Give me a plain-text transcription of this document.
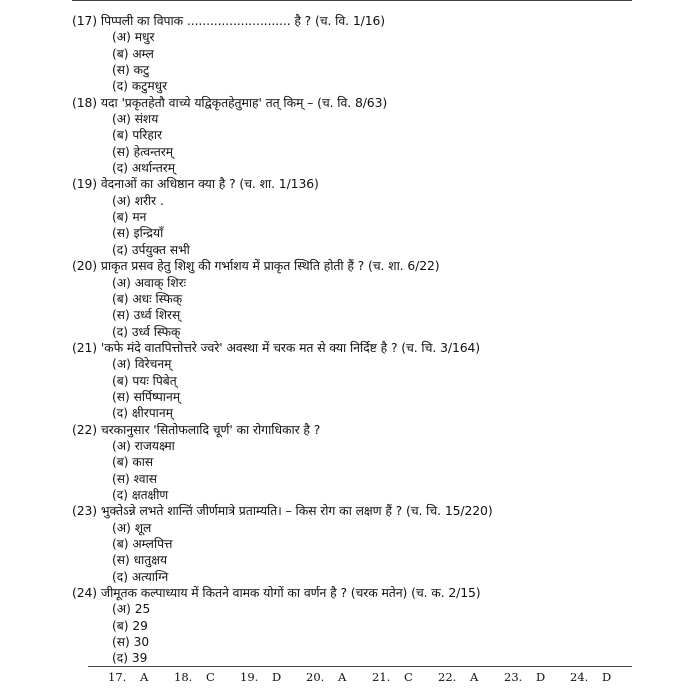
(17) पिप्पली का विपाक ........................... है ? (च. वि. 1/16)
(अ) मधुर
(ब) अम्ल
(स) कटु
(द) कटुमधुर
(18) यदा 'प्रकृतहेतौ वाच्ये यद्विकृतहेतुमाह' तत् किम् – (च. वि. 8/63)
(अ) संशय
(ब) परिहार
(स) हेत्वन्तरम्
(द) अर्थान्तरम्
(19) वेदनाओं का अधिष्ठान क्या है ? (च. शा. 1/136)
(अ) शरीर .
(ब) मन
(स) इन्द्रियॉं
(द) उर्पयुक्त सभी
(20) प्राकृत प्रसव हेतु शिशु की गर्भाशय में प्राकृत स्थिति होती हैं ? (च. शा. 6/22)
(अ) अवाक् शिरः
(ब) अधः स्फिक्
(स) उर्ध्व शिरस्
(द) उर्ध्व स्फिक्
(21) 'कफे मंदे वातपित्तोत्तरे ज्वरे' अवस्था में चरक मत से क्या निर्दिष्ट है ? (च. चि. 3/164)
(अ) विरेचनम्
(ब) पयः पिबेत्
(स) सर्पिष्पानम्
(द) क्षीरपानम्
(22) चरकानुसार 'सितोफलादि चूर्ण' का रोगाधिकार है ?
(अ) राजयक्ष्मा
(ब) कास
(स) श्वास
(द) क्षतक्षीण
(23) भुक्तेऽन्ने लभते शान्तिं जीर्णमात्रे प्रताम्यति। – किस रोग का लक्षण हैं ? (च. चि. 15/220)
(अ) शूल
(ब) अम्लपित्त
(स) धातुक्षय
(द) अत्याग्नि
(24) जीमूतक कल्पाध्याय में कितने वामक योगों का वर्णन है ? (चरक मतेन) (च. क. 2/15)
(अ) 25
(ब) 29
(स) 30
(द) 39
17. A 18. C 19. D 20. A 21. C 22. A 23. D 24. D
